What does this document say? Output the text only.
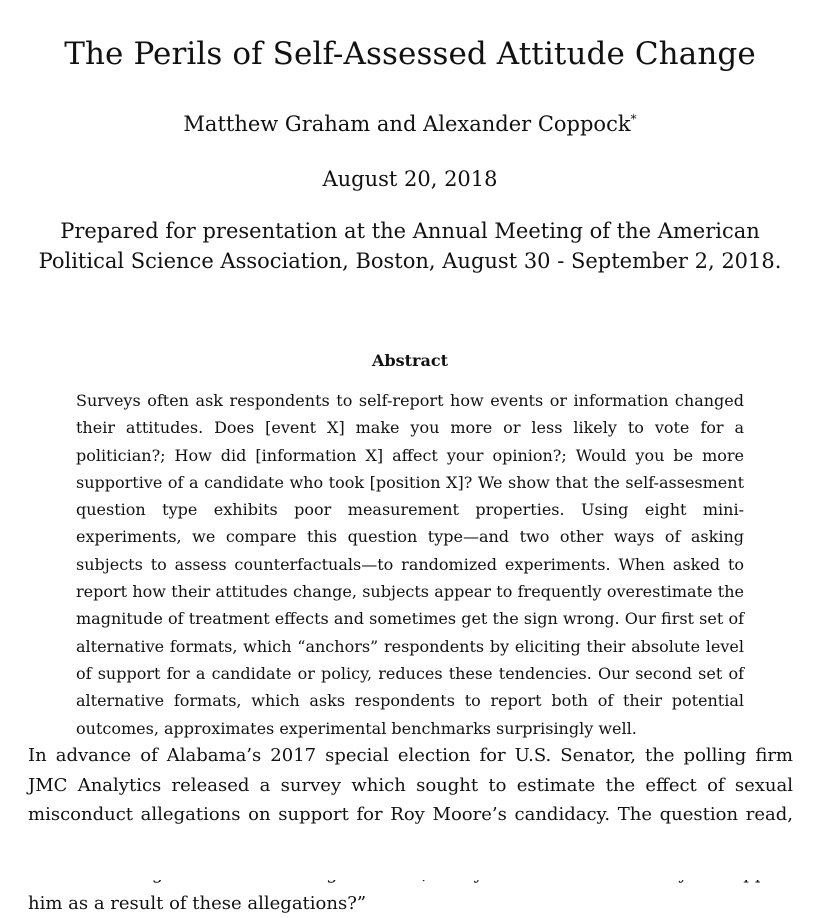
The Perils of Self-Assessed Attitude Change
Matthew Graham and Alexander Coppock*
August 20, 2018
Prepared for presentation at the Annual Meeting of the American Political Science Association, Boston, August 30 - September 2, 2018.
Abstract
Surveys often ask respondents to self-report how events or information changed their attitudes. Does [event X] make you more or less likely to vote for a politician?; How did [information X] affect your opinion?; Would you be more supportive of a candidate who took [position X]? We show that the self-assesment question type exhibits poor measurement properties. Using eight mini-experiments, we compare this question type—and two other ways of asking subjects to assess counterfactuals—to randomized experiments. When asked to report how their attitudes change, subjects appear to frequently overestimate the magnitude of treatment effects and sometimes get the sign wrong. Our first set of alternative formats, which “anchors” respondents by eliciting their absolute level of support for a candidate or policy, reduces these tendencies. Our second set of alternative formats, which asks respondents to report both of their potential outcomes, approximates experimental benchmarks surprisingly well.
In advance of Alabama’s 2017 special election for U.S. Senator, the polling firm JMC Analytics released a survey which sought to estimate the effect of sexual misconduct allegations on support for Roy Moore’s candidacy. The question read, him as a result of these allegations?”
